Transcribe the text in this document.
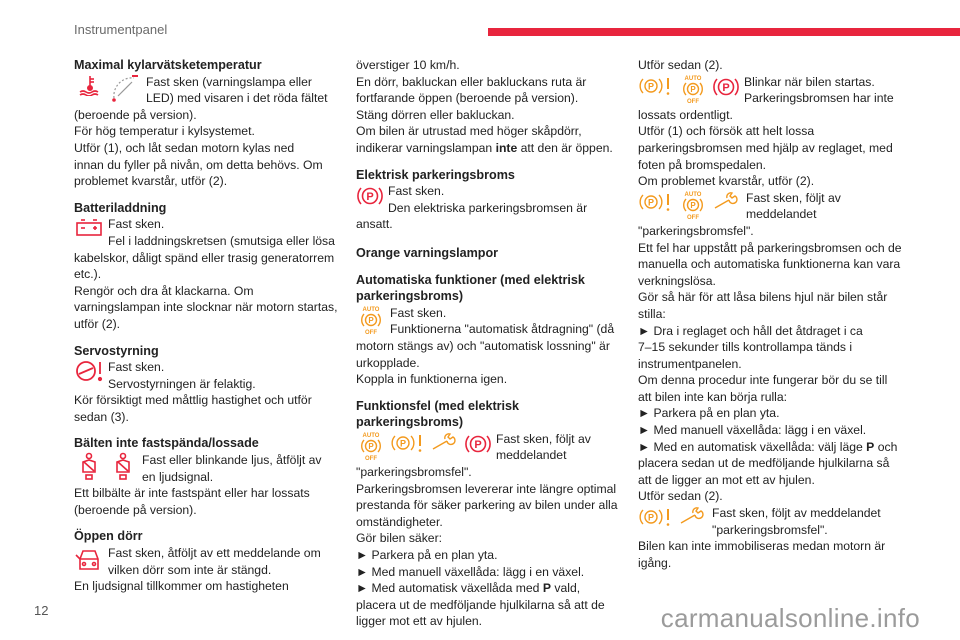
Instrumentpanel

Maximal kylarvätsketemperatur

Fast sken (varningslampa eller

LED) med visaren i det röda fältet

(beroende på version).

För hög temperatur i kylsystemet.

Utför (1), och låt sedan motorn kylas ned

innan du fyller på nivån, om detta behövs. Om

problemet kvarstår, utför (2).

Batteriladdning

Fast sken.

Fel i laddningskretsen (smutsiga eller lösa

kabelskor, dåligt spänd eller trasig generatorrem

etc.).

Rengör och dra åt klackarna. Om

varningslampan inte slocknar när motorn startas,

utför (2).

Servostyrning

Fast sken.

Servostyrningen är felaktig.

Kör försiktigt med måttlig hastighet och utför

sedan (3).

Bälten inte fastspända/lossade

Fast eller blinkande ljus, åtföljt av

en ljudsignal.

Ett bilbälte är inte fastspänt eller har lossats

(beroende på version).

Öppen dörr

Fast sken, åtföljt av ett meddelande om

vilken dörr som inte är stängd.

En ljudsignal tillkommer om hastigheten

överstiger 10 km/h.

En dörr, bakluckan eller bakluckans ruta är

fortfarande öppen (beroende på version).

Stäng dörren eller bakluckan.

Om bilen är utrustad med höger skåpdörr,

indikerar varningslampan inte att den är öppen.

Elektrisk parkeringsbroms

P Fast sken.

Den elektriska parkeringsbromsen är

ansatt.

Orange varningslampor

Automatiska funktioner (med elektrisk

parkeringsbroms)

AUTO
P
OFF

Fast sken.

Funktionerna "automatisk åtdragning" (då

motorn stängs av) och "automatisk lossning" är

urkopplade.

Koppla in funktionerna igen.

Funktionsfel (med elektrisk

parkeringsbroms)

AUTO
P
OFF
P	P Fast sken, följt av

meddelandet

"parkeringsbromsfel".

Parkeringsbromsen levererar inte längre optimal

prestanda för säker parkering av bilen under alla

omständigheter.

Gör bilen säker:

► Parkera på en plan yta.

► Med manuell växellåda: lägg i en växel.

► Med automatisk växellåda med P vald,

placera ut de medföljande hjulkilarna så att de

ligger mot ett av hjulen.

Utför sedan (2).

P
AUTO
P
OFF
P Blinkar när bilen startas.

Parkeringsbromsen har inte

lossats ordentligt.

Utför (1) och försök att helt lossa

parkeringsbromsen med hjälp av reglaget, med

foten på bromspedalen.

Om problemet kvarstår, utför (2).

P
AUTO
P
OFF

Fast sken, följt av

meddelandet

"parkeringsbromsfel".

Ett fel har uppstått på parkeringsbromsen och de

manuella och automatiska funktionerna kan vara

verkningslösa.

Gör så här för att låsa bilens hjul när bilen står

stilla:

► Dra i reglaget och håll det åtdraget i ca

7–15 sekunder tills kontrollampa tänds i

instrumentpanelen.

Om denna procedur inte fungerar bör du se till

att bilen inte kan börja rulla:

► Parkera på en plan yta.

► Med manuell växellåda: lägg i en växel.

► Med en automatisk växellåda: välj läge P och

placera sedan ut de medföljande hjulkilarna så

att de ligger an mot ett av hjulen.

Utför sedan (2).

P	Fast sken, följt av meddelandet

"parkeringsbromsfel".

Bilen kan inte immobiliseras medan motorn är

igång.

12	carmanualsonline.info
